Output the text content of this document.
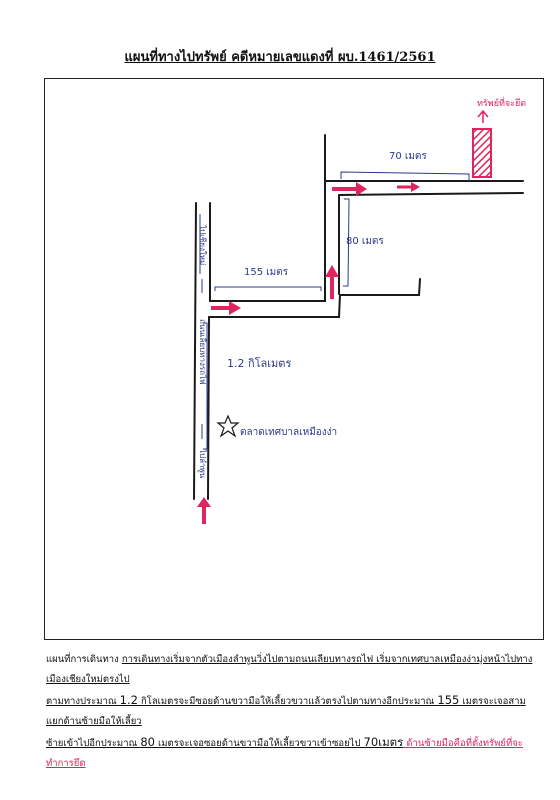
แผนที่ทางไปทรัพย์ คดีหมายเลขแดงที่ ผบ.1461/2561
ทรัพย์ที่จะยึด
70 เมตร
80 เมตร
155 เมตร
1.2 กิโลเมตร
ตลาดเทศบาลเหมืองง่า
ไปเชียงใหม่
ถนนเลียบทางรถไฟ
ไปลำพูน

แผนที่การเดินทาง การเดินทางเริ่มจากตัวเมืองลำพูนวิ่งไปตามถนนเลียบทางรถไฟ เริ่มจากเทศบาลเหมืองง่ามุ่งหน้าไปทางเมืองเชียงใหม่ตรงไป

ตามทางประมาณ 1.2 กิโลเมตรจะมีซอยด้านขวามือให้เลี้ยวขวาแล้วตรงไปตามทางอีกประมาณ 155 เมตรจะเจอสามแยกด้านซ้ายมือให้เลี้ยว

ซ้ายเข้าไปอีกประมาณ 80 เมตรจะเจอซอยด้านขวามือให้เลี้ยวขวาเข้าซอยไป 70เมตร ด้านซ้ายมือคือที่ตั้งทรัพย์ที่จะทำการยึด
